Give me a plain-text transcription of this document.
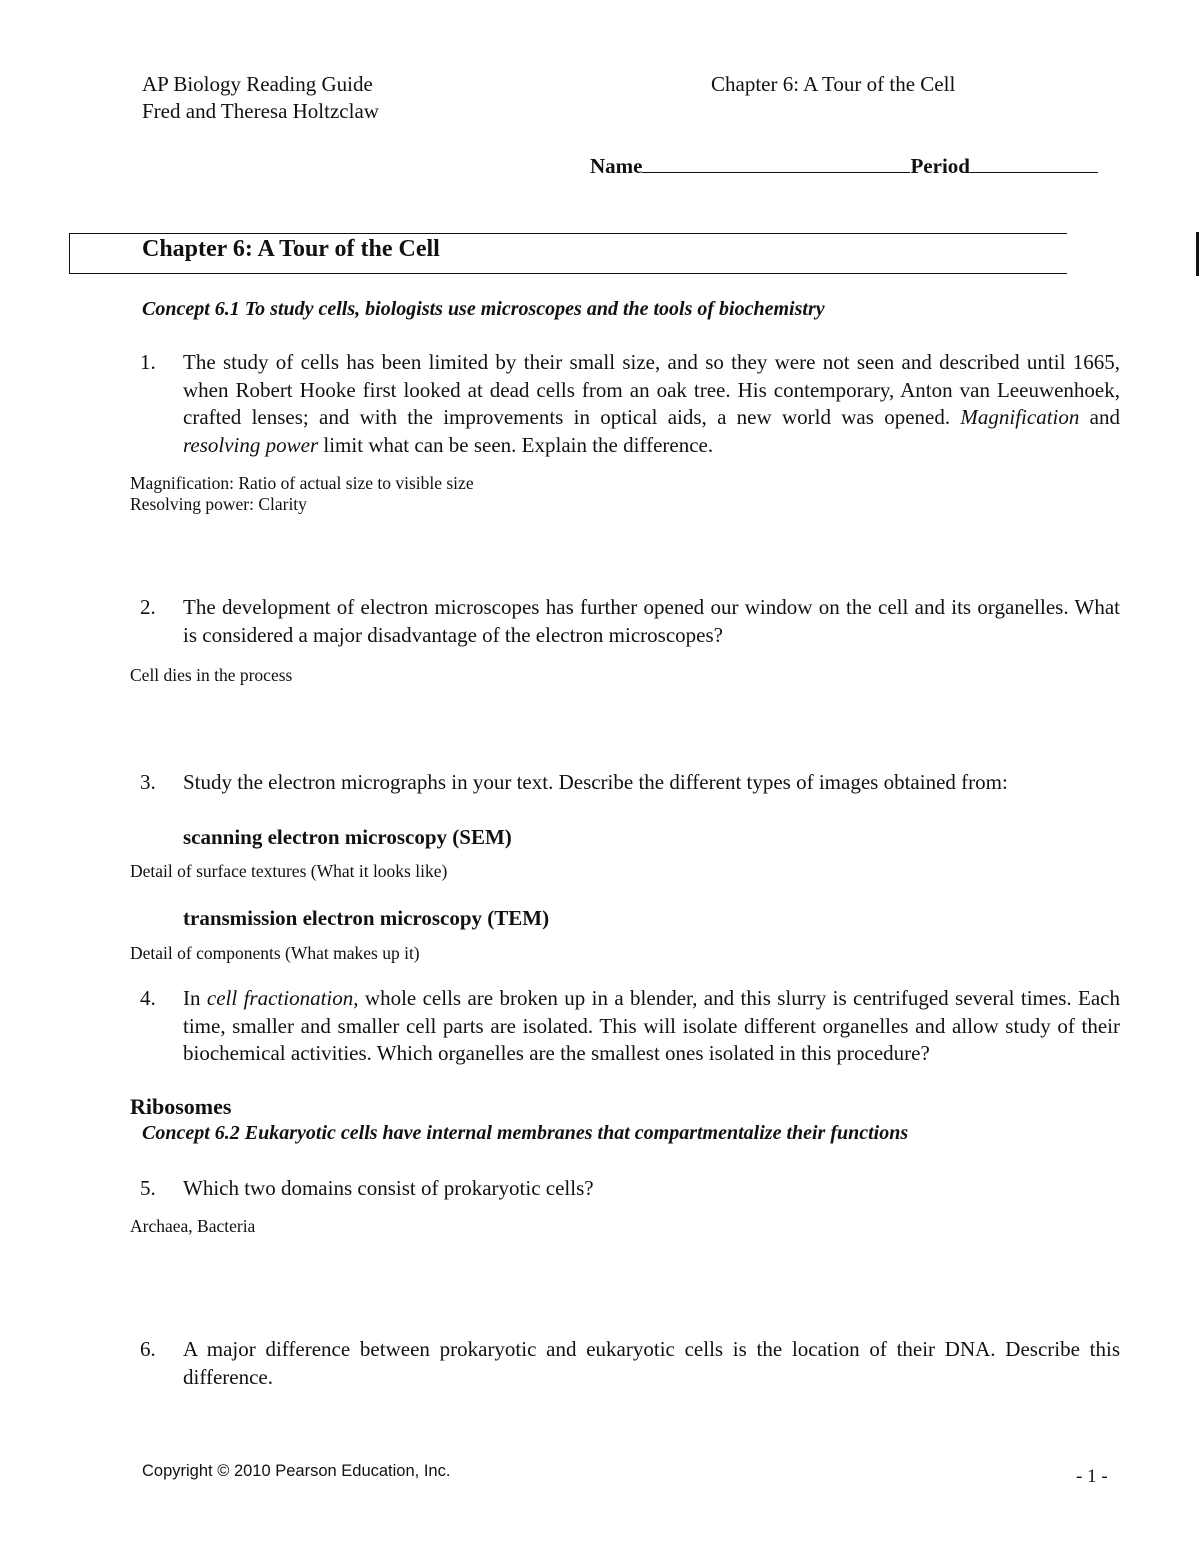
AP Biology Reading Guide
Fred and Theresa Holtzclaw
Chapter 6: A Tour of the Cell
Name	Period
Chapter 6: A Tour of the Cell
Concept 6.1 To study cells, biologists use microscopes and the tools of biochemistry
1. The study of cells has been limited by their small size, and so they were not seen and described until 1665, when Robert Hooke first looked at dead cells from an oak tree. His contemporary, Anton van Leeuwenhoek, crafted lenses; and with the improvements in optical aids, a new world was opened. Magnification and resolving power limit what can be seen. Explain the difference.
Magnification: Ratio of actual size to visible size
Resolving power: Clarity
2. The development of electron microscopes has further opened our window on the cell and its organelles. What is considered a major disadvantage of the electron microscopes?
Cell dies in the process
3. Study the electron micrographs in your text. Describe the different types of images obtained from:
scanning electron microscopy (SEM)
Detail of surface textures (What it looks like)
transmission electron microscopy (TEM)
Detail of components (What makes up it)
4. In cell fractionation, whole cells are broken up in a blender, and this slurry is centrifuged several times. Each time, smaller and smaller cell parts are isolated. This will isolate different organelles and allow study of their biochemical activities. Which organelles are the smallest ones isolated in this procedure?
Ribosomes
Concept 6.2 Eukaryotic cells have internal membranes that compartmentalize their functions
5. Which two domains consist of prokaryotic cells?
Archaea, Bacteria
6. A major difference between prokaryotic and eukaryotic cells is the location of their DNA. Describe this difference.
Copyright © 2010 Pearson Education, Inc.	- 1 -
